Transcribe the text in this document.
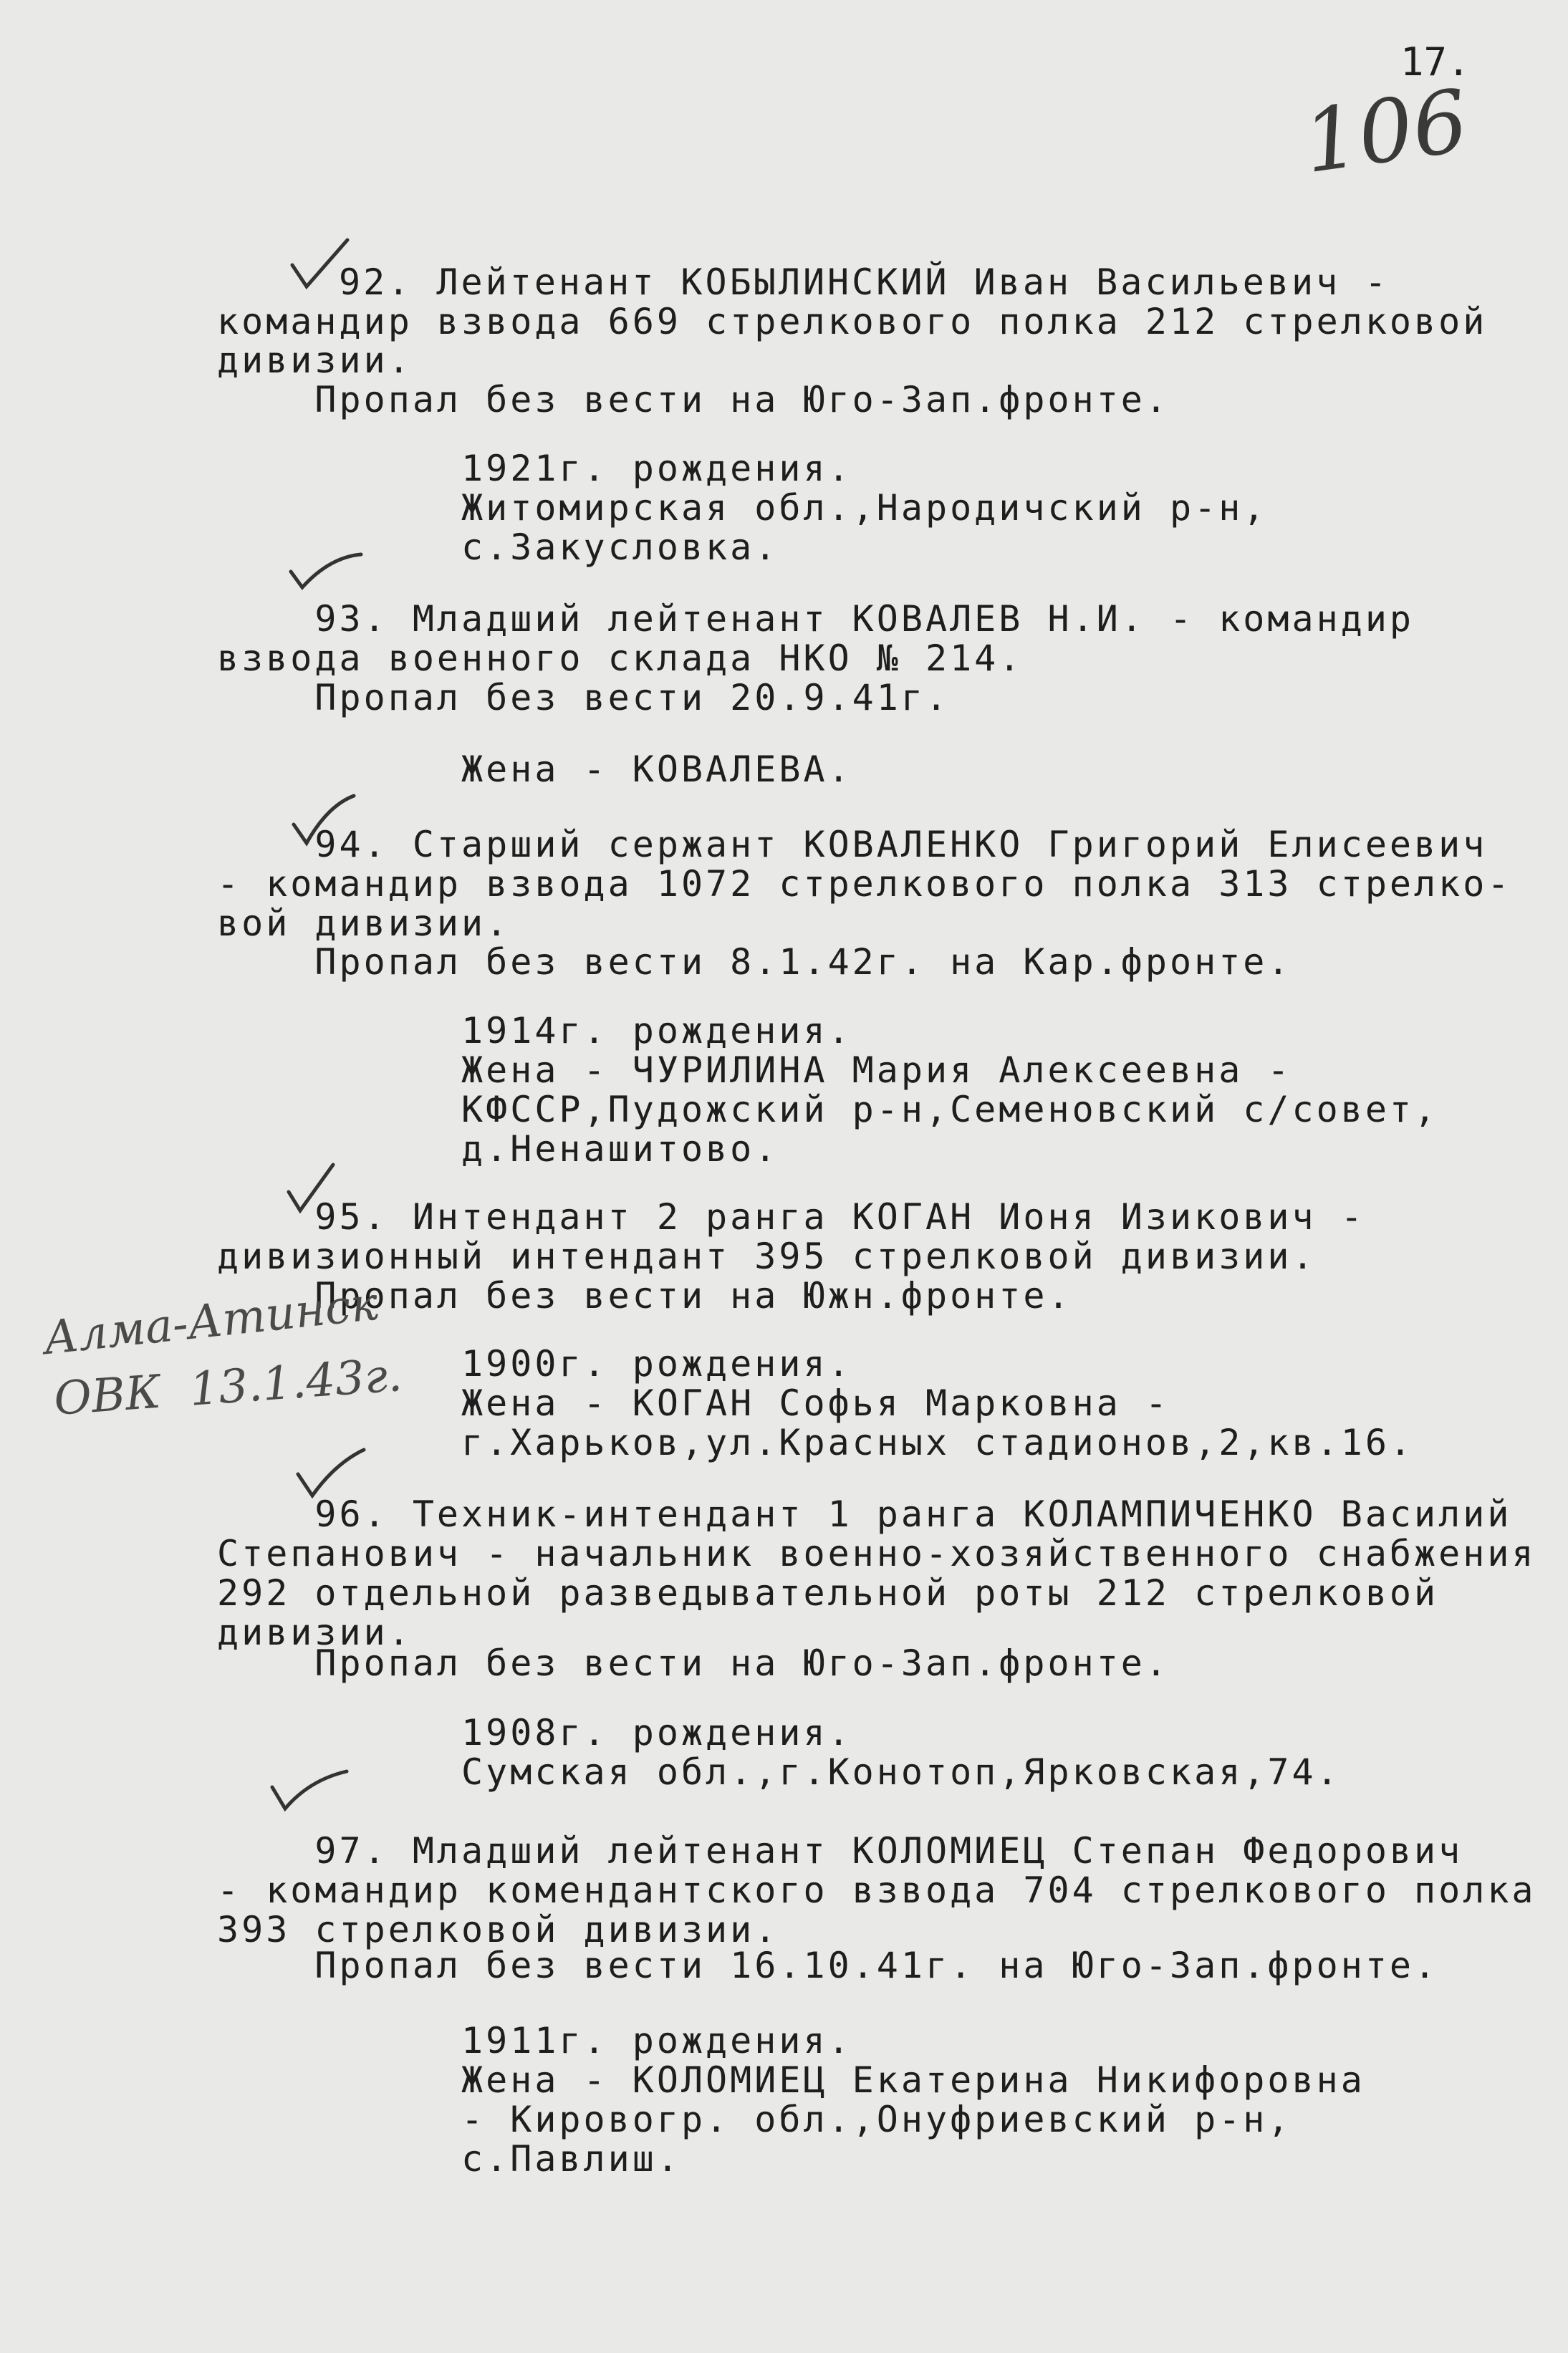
17.
106
92. Лейтенант КОБЫЛИНСКИЙ Иван Васильевич -
командир взвода 669 стрелкового полка 212 стрелковой
дивизии.
Пропал без вести на Юго-Зап.фронте.
1921г. рождения.
Житомирская обл.,Народичский р-н,
с.Закусловка.
93. Младший лейтенант КОВАЛЕВ Н.И. - командир
взвода военного склада НКО № 214.
Пропал без вести 20.9.41г.
Жена - КОВАЛЕВА.
94. Старший сержант КОВАЛЕНКО Григорий Елисеевич
- командир взвода 1072 стрелкового полка 313 стрелко-
вой дивизии.
Пропал без вести 8.1.42г. на Кар.фронте.
1914г. рождения.
Жена - ЧУРИЛИНА Мария Алексеевна -
КФССР,Пудожский р-н,Семеновский с/совет,
д.Ненашитово.
95. Интендант 2 ранга КОГАН Ионя Изикович -
дивизионный интендант 395 стрелковой дивизии.
Пропал без вести на Южн.фронте.
1900г. рождения.
Жена - КОГАН Софья Марковна -
г.Харьков,ул.Красных стадионов,2,кв.16.
96. Техник-интендант 1 ранга КОЛАМПИЧЕНКО Василий
Степанович - начальник военно-хозяйственного снабжения
292 отдельной разведывательной роты 212 стрелковой
дивизии.
Пропал без вести на Юго-Зап.фронте.
1908г. рождения.
Сумская обл.,г.Конотоп,Ярковская,74.
97. Младший лейтенант КОЛОМИЕЦ Степан Федорович
- командир комендантского взвода 704 стрелкового полка
393 стрелковой дивизии.
Пропал без вести 16.10.41г. на Юго-Зап.фронте.
1911г. рождения.
Жена - КОЛОМИЕЦ Екатерина Никифоровна
- Кировогр. обл.,Онуфриевский р-н,
с.Павлиш.
Алма-Атинск
ОВК  13.1.43г.
